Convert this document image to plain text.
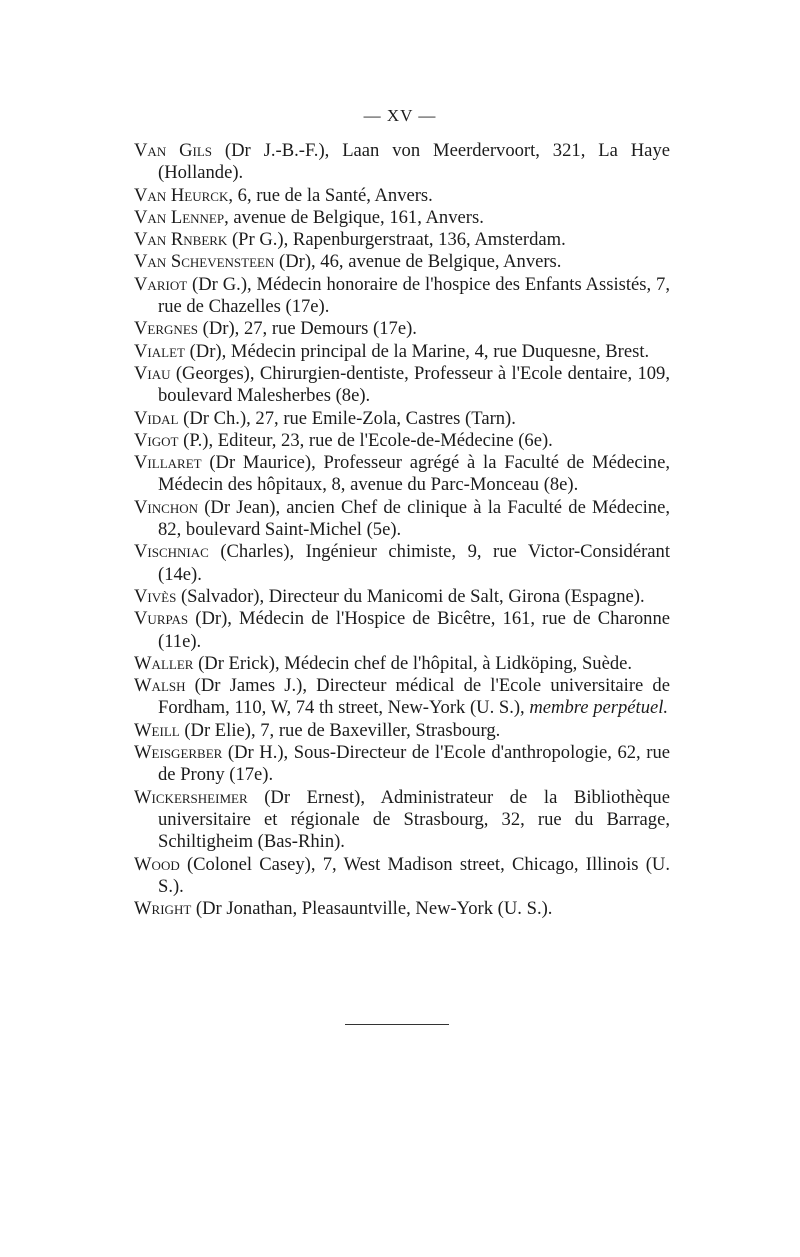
— XV —

Van Gils (Dr J.-B.-F.), Laan von Meerdervoort, 321, La Haye (Hollande).

Van Heurck, 6, rue de la Santé, Anvers.

Van Lennep, avenue de Belgique, 161, Anvers.

Van Rnberk (Pr G.), Rapenburgerstraat, 136, Amsterdam.

Van Schevensteen (Dr), 46, avenue de Belgique, Anvers.

Variot (Dr G.), Médecin honoraire de l'hospice des Enfants Assistés, 7, rue de Chazelles (17e).

Vergnes (Dr), 27, rue Demours (17e).

Vialet (Dr), Médecin principal de la Marine, 4, rue Duquesne, Brest.

Viau (Georges), Chirurgien-dentiste, Professeur à l'Ecole dentaire, 109, boulevard Malesherbes (8e).

Vidal (Dr Ch.), 27, rue Emile-Zola, Castres (Tarn).

Vigot (P.), Editeur, 23, rue de l'Ecole-de-Médecine (6e).

Villaret (Dr Maurice), Professeur agrégé à la Faculté de Médecine, Médecin des hôpitaux, 8, avenue du Parc-Monceau (8e).

Vinchon (Dr Jean), ancien Chef de clinique à la Faculté de Médecine, 82, boulevard Saint-Michel (5e).

Vischniac (Charles), Ingénieur chimiste, 9, rue Victor-Considérant (14e).

Vivès (Salvador), Directeur du Manicomi de Salt, Girona (Espagne).

Vurpas (Dr), Médecin de l'Hospice de Bicêtre, 161, rue de Charonne (11e).

Waller (Dr Erick), Médecin chef de l'hôpital, à Lidköping, Suède.

Walsh (Dr James J.), Directeur médical de l'Ecole universitaire de Fordham, 110, W, 74 th street, New-York (U. S.), membre perpétuel.

Weill (Dr Elie), 7, rue de Baxeviller, Strasbourg.

Weisgerber (Dr H.), Sous-Directeur de l'Ecole d'anthropologie, 62, rue de Prony (17e).

Wickersheimer (Dr Ernest), Administrateur de la Bibliothèque universitaire et régionale de Strasbourg, 32, rue du Barrage, Schiltigheim (Bas-Rhin).

Wood (Colonel Casey), 7, West Madison street, Chicago, Illinois (U. S.).

Wright (Dr Jonathan, Pleasauntville, New-York (U. S.).
